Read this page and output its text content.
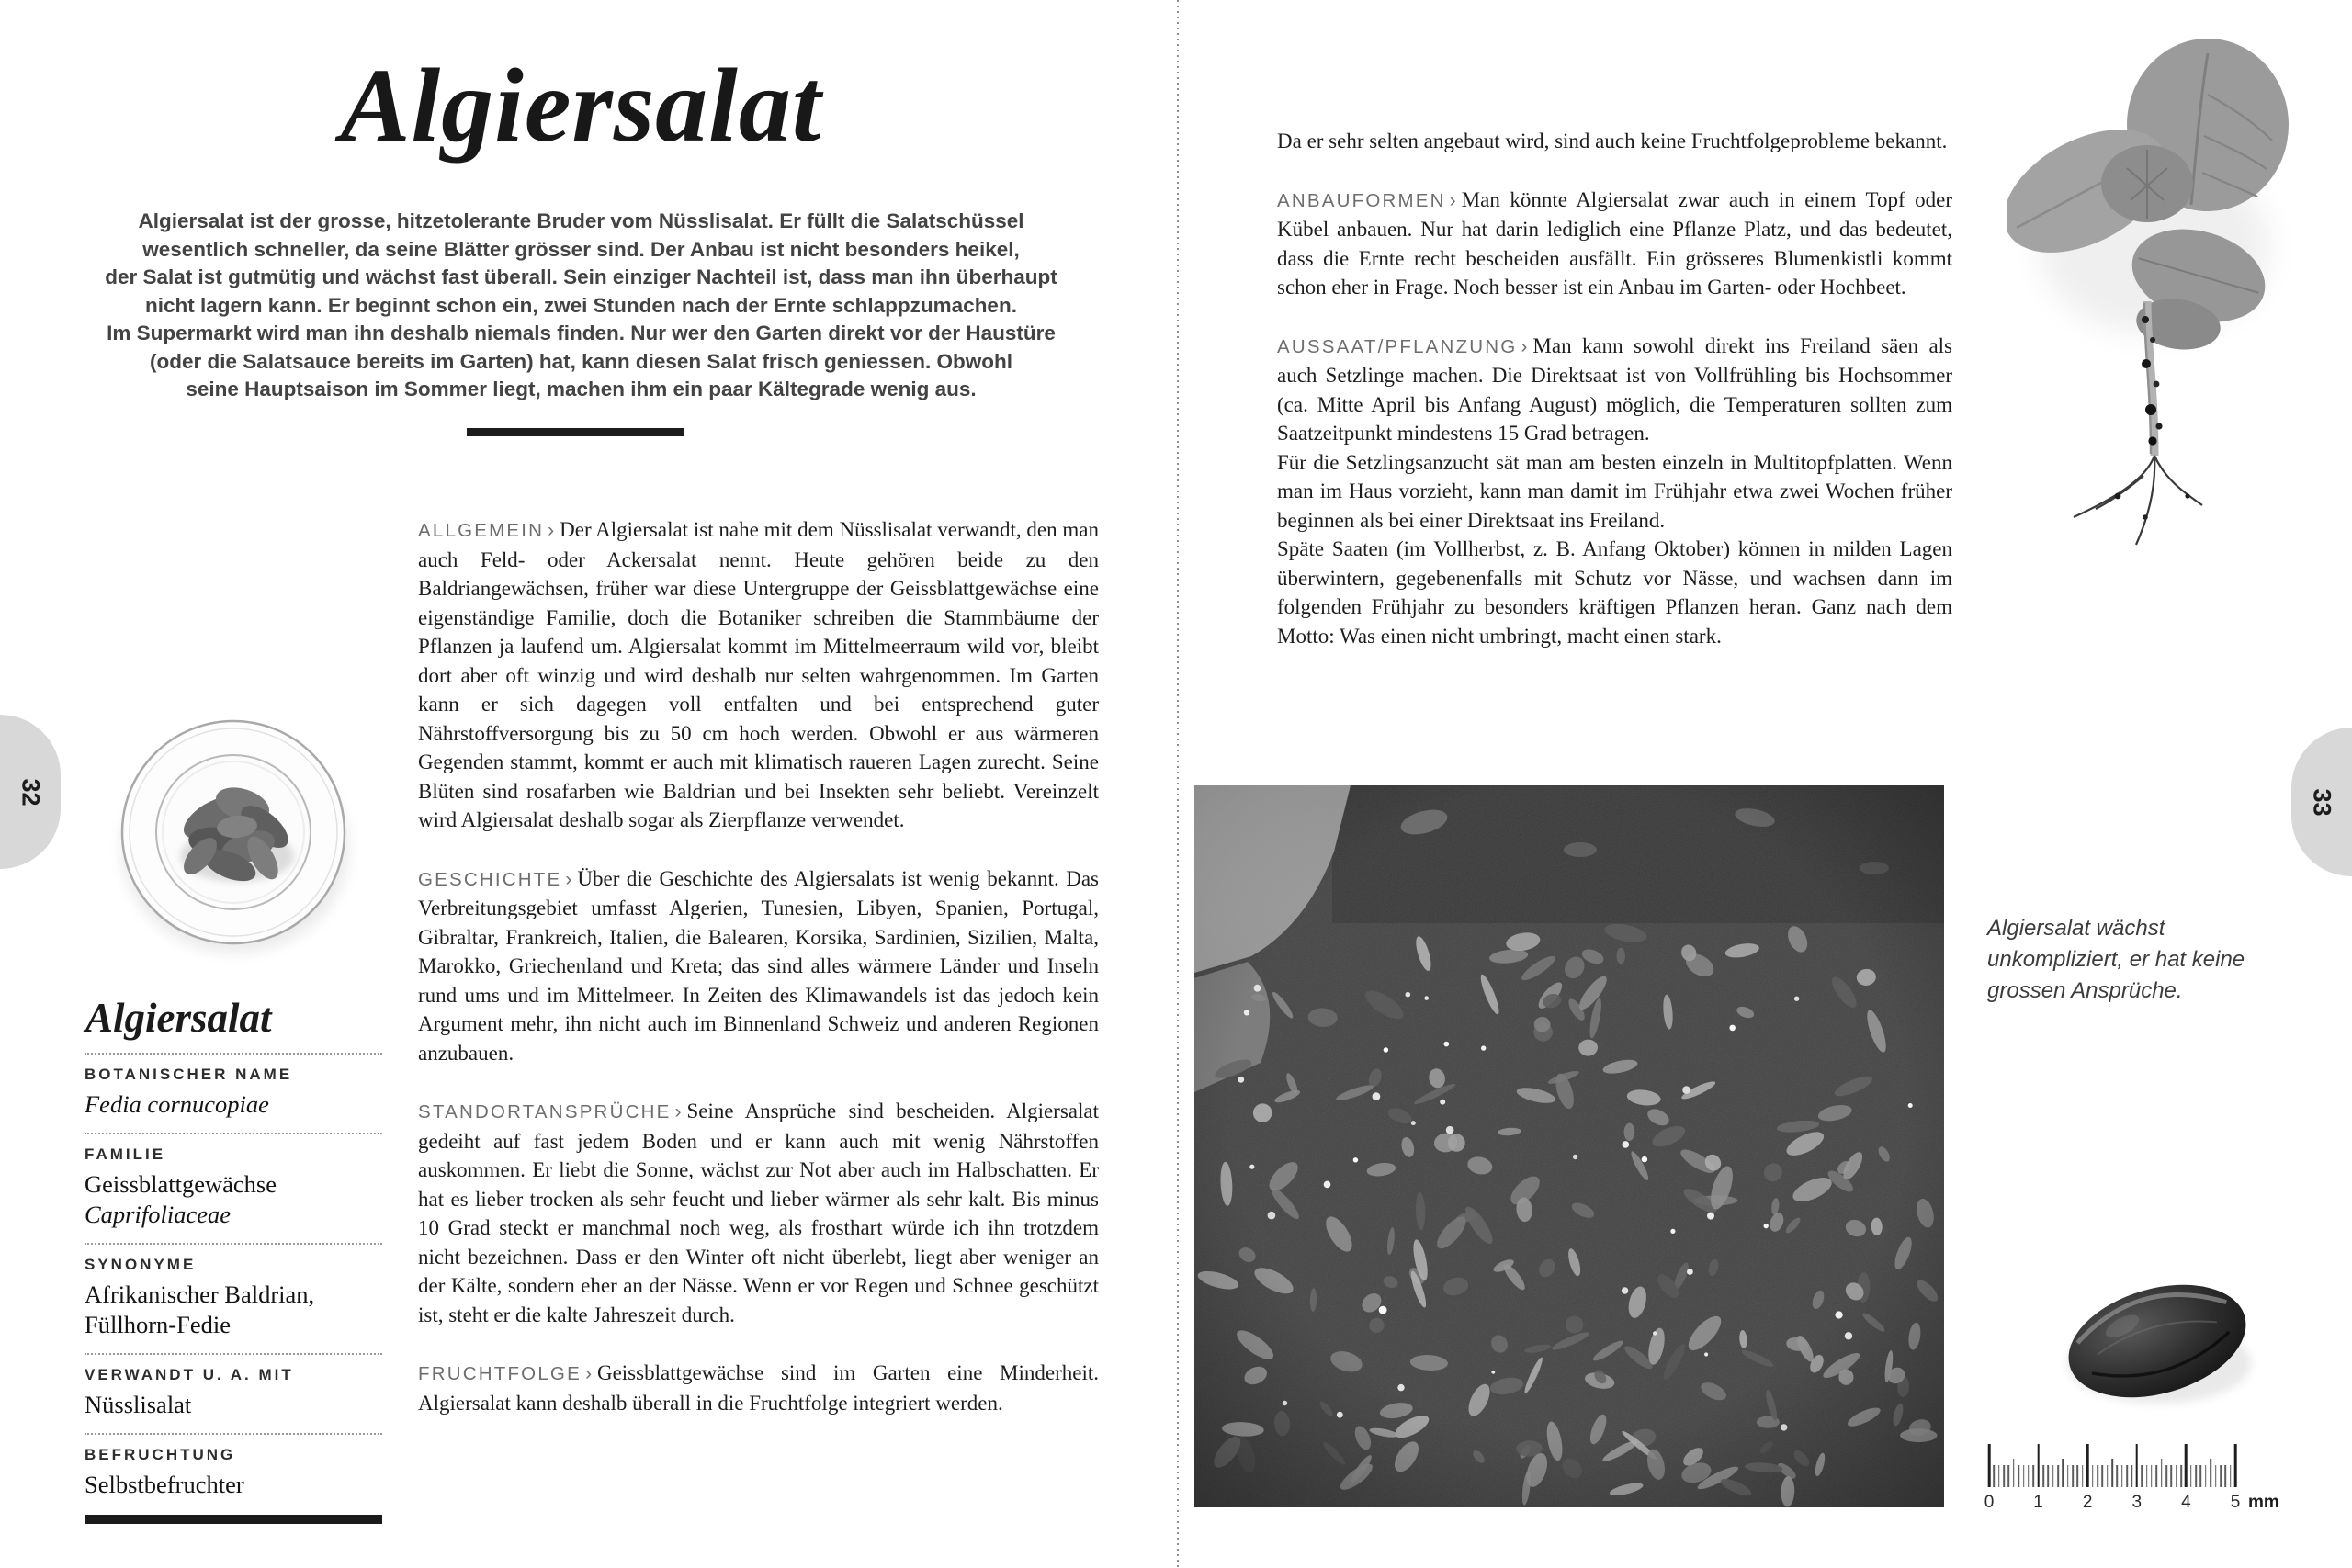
32	33
Algiersalat
Algiersalat ist der grosse, hitzetolerante Bruder vom Nüsslisalat. Er füllt die Salatschüssel
wesentlich schneller, da seine Blätter grösser sind. Der Anbau ist nicht besonders heikel,
der Salat ist gutmütig und wächst fast überall. Sein einziger Nachteil ist, dass man ihn überhaupt
nicht lagern kann. Er beginnt schon ein, zwei Stunden nach der Ernte schlappzumachen.
Im Supermarkt wird man ihn deshalb niemals finden. Nur wer den Garten direkt vor der Haustüre
(oder die Salatsauce bereits im Garten) hat, kann diesen Salat frisch geniessen. Obwohl
seine Hauptsaison im Sommer liegt, machen ihm ein paar Kältegrade wenig aus.

ALLGEMEIN › Der Algiersalat ist nahe mit dem Nüsslisalat verwandt, den man auch Feld- oder Ackersalat nennt. Heute gehören beide zu den Baldriangewächsen, früher war diese Untergruppe der Geissblattgewächse eine eigenständige Familie, doch die Botaniker schreiben die Stammbäume der Pflanzen ja laufend um. Algiersalat kommt im Mittelmeerraum wild vor, bleibt dort aber oft winzig und wird deshalb nur selten wahrgenommen. Im Garten kann er sich dagegen voll entfalten und bei entsprechend guter Nährstoffversorgung bis zu 50 cm hoch werden. Obwohl er aus wärmeren Gegenden stammt, kommt er auch mit klimatisch raueren Lagen zurecht. Seine Blüten sind rosafarben wie Baldrian und bei Insekten sehr beliebt. Vereinzelt wird Algiersalat deshalb sogar als Zierpflanze verwendet.

GESCHICHTE › Über die Geschichte des Algiersalats ist wenig bekannt. Das Verbreitungsgebiet umfasst Algerien, Tunesien, Libyen, Spanien, Portugal, Gibraltar, Frankreich, Italien, die Balearen, Korsika, Sardinien, Sizilien, Malta, Marokko, Griechenland und Kreta; das sind alles wärmere Länder und Inseln rund ums und im Mittelmeer. In Zeiten des Klimawandels ist das jedoch kein Argument mehr, ihn nicht auch im Binnenland Schweiz und anderen Regionen anzubauen.

STANDORTANSPRÜCHE › Seine Ansprüche sind bescheiden. Algiersalat gedeiht auf fast jedem Boden und er kann auch mit wenig Nährstoffen auskommen. Er liebt die Sonne, wächst zur Not aber auch im Halbschatten. Er hat es lieber trocken als sehr feucht und lieber wärmer als sehr kalt. Bis minus 10 Grad steckt er manchmal noch weg, als frosthart würde ich ihn trotzdem nicht bezeichnen. Dass er den Winter oft nicht überlebt, liegt aber weniger an der Kälte, sondern eher an der Nässe. Wenn er vor Regen und Schnee geschützt ist, steht er die kalte Jahreszeit durch.

FRUCHTFOLGE › Geissblattgewächse sind im Garten eine Minderheit. Algiersalat kann deshalb überall in die Fruchtfolge integriert werden.

Algiersalat
BOTANISCHER NAME
Fedia cornucopiae
FAMILIE
Geissblattgewächse
Caprifoliaceae
SYNONYME
Afrikanischer Baldrian,
Füllhorn-Fedie
VERWANDT U. A. MIT
Nüsslisalat
BEFRUCHTUNG
Selbstbefruchter

Da er sehr selten angebaut wird, sind auch keine Fruchtfolgeprobleme bekannt.

ANBAUFORMEN › Man könnte Algiersalat zwar auch in einem Topf oder Kübel anbauen. Nur hat darin lediglich eine Pflanze Platz, und das bedeutet, dass die Ernte recht bescheiden ausfällt. Ein grösseres Blumenkistli kommt schon eher in Frage. Noch besser ist ein Anbau im Garten- oder Hochbeet.

AUSSAAT/PFLANZUNG › Man kann sowohl direkt ins Freiland säen als auch Setzlinge machen. Die Direktsaat ist von Vollfrühling bis Hochsommer (ca. Mitte April bis Anfang August) möglich, die Temperaturen sollten zum Saatzeitpunkt mindestens 15 Grad betragen.

Für die Setzlingsanzucht sät man am besten einzeln in Multitopfplatten. Wenn man im Haus vorzieht, kann man damit im Frühjahr etwa zwei Wochen früher beginnen als bei einer Direktsaat ins Freiland.

Späte Saaten (im Vollherbst, z. B. Anfang Oktober) können in milden Lagen überwintern, gegebenenfalls mit Schutz vor Nässe, und wachsen dann im folgenden Frühjahr zu besonders kräftigen Pflanzen heran. Ganz nach dem Motto: Was einen nicht umbringt, macht einen stark.

Algiersalat wächst unkompliziert, er hat keine grossen Ansprüche.
0 1 2 3 4 5 mm
